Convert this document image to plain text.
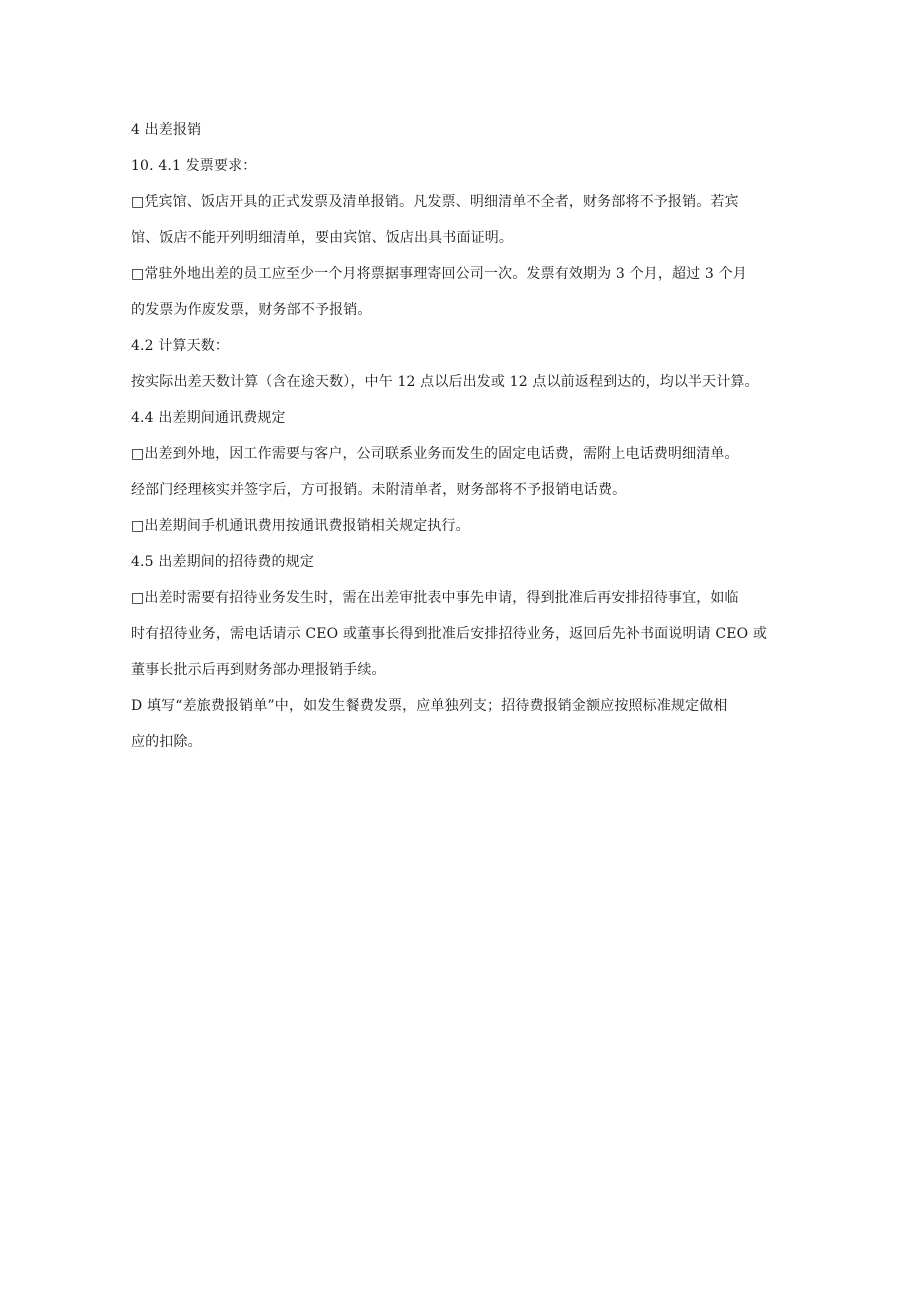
4 出差报销
10. 4.1 发票要求：
□凭宾馆、饭店开具的正式发票及清单报销。凡发票、明细清单不全者，财务部将不予报销。若宾
馆、饭店不能开列明细清单，要由宾馆、饭店出具书面证明。
□常驻外地出差的员工应至少一个月将票据事理寄回公司一次。发票有效期为 3 个月，超过 3 个月
的发票为作废发票，财务部不予报销。
4.2 计算天数：
按实际出差天数计算（含在途天数），中午 12 点以后出发或 12 点以前返程到达的，均以半天计算。
4.4 出差期间通讯费规定
□出差到外地，因工作需要与客户，公司联系业务而发生的固定电话费，需附上电话费明细清单。
经部门经理核实并签字后，方可报销。未附清单者，财务部将不予报销电话费。
□出差期间手机通讯费用按通讯费报销相关规定执行。
4.5 出差期间的招待费的规定
□出差时需要有招待业务发生时，需在出差审批表中事先申请，得到批准后再安排招待事宜，如临
时有招待业务，需电话请示 CEO 或董事长得到批准后安排招待业务，返回后先补书面说明请 CEO 或
董事长批示后再到财务部办理报销手续。
D 填写“差旅费报销单”中，如发生餐费发票，应单独列支；招待费报销金额应按照标准规定做相
应的扣除。
